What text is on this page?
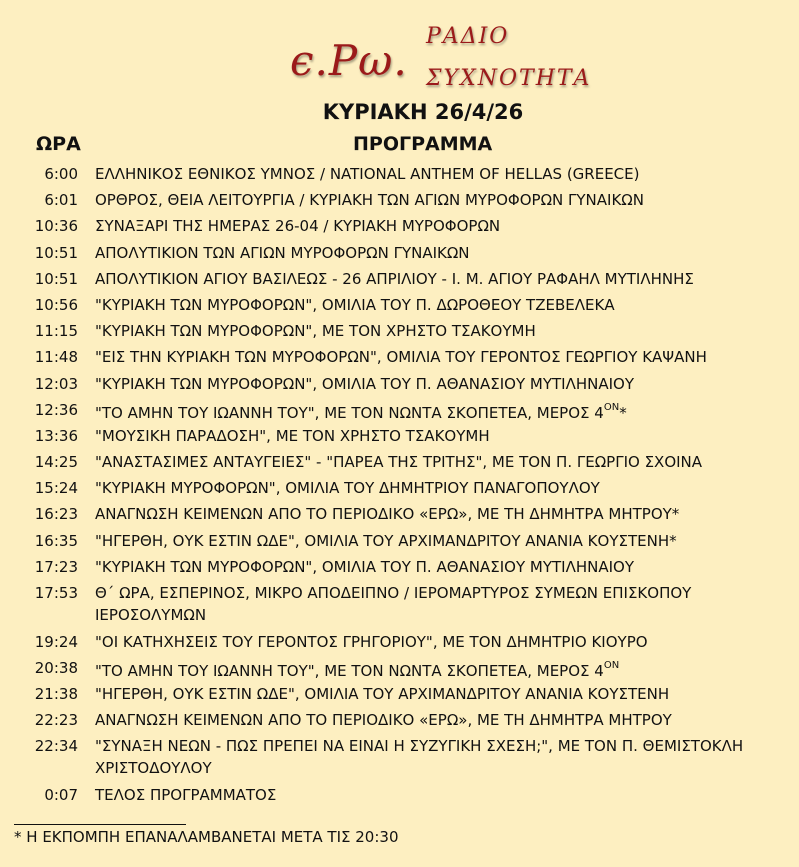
ϵ.Ρω. ΡΑΔΙΟ
ΣΥΧΝΟΤΗΤΑ
ΚΥΡΙΑΚΗ 26/4/26
ΩΡΑ	ΠΡΟΓΡΑΜΜΑ
6:00 ΕΛΛΗΝΙΚΟΣ ΕΘΝΙΚΟΣ ΥΜΝΟΣ / NATIONAL ANTHEM OF HELLAS (GREECE)
6:01 ΟΡΘΡΟΣ, ΘΕΙΑ ΛΕΙΤΟΥΡΓΙΑ / ΚΥΡΙΑΚΗ ΤΩΝ ΑΓΙΩΝ ΜΥΡΟΦΟΡΩΝ ΓΥΝΑΙΚΩΝ
10:36 ΣΥΝΑΞΑΡΙ ΤΗΣ ΗΜΕΡΑΣ 26-04 / ΚΥΡΙΑΚΗ ΜΥΡΟΦΟΡΩΝ
10:51 ΑΠΟΛΥΤΙΚΙΟΝ ΤΩΝ ΑΓΙΩΝ ΜΥΡΟΦΟΡΩΝ ΓΥΝΑΙΚΩΝ
10:51 ΑΠΟΛΥΤΙΚΙΟΝ ΑΓΙΟΥ ΒΑΣΙΛΕΩΣ - 26 ΑΠΡΙΛΙΟΥ - Ι. Μ. ΑΓΙΟΥ ΡΑΦΑΗΛ ΜΥΤΙΛΗΝΗΣ
10:56 "ΚΥΡΙΑΚΗ ΤΩΝ ΜΥΡΟΦΟΡΩΝ", ΟΜΙΛΙΑ ΤΟΥ Π. ΔΩΡΟΘΕΟΥ ΤΖΕΒΕΛΕΚΑ
11:15 "ΚΥΡΙΑΚΗ ΤΩΝ ΜΥΡΟΦΟΡΩΝ", ΜΕ ΤΟΝ ΧΡΗΣΤΟ ΤΣΑΚΟΥΜΗ
11:48 "ΕΙΣ ΤΗΝ ΚΥΡΙΑΚΗ ΤΩΝ ΜΥΡΟΦΟΡΩΝ", ΟΜΙΛΙΑ ΤΟΥ ΓΕΡΟΝΤΟΣ ΓΕΩΡΓΙΟΥ ΚΑΨΑΝΗ
12:03 "ΚΥΡΙΑΚΗ ΤΩΝ ΜΥΡΟΦΟΡΩΝ", ΟΜΙΛΙΑ ΤΟΥ Π. ΑΘΑΝΑΣΙΟΥ ΜΥΤΙΛΗΝΑΙΟΥ
12:36 "ΤΟ ΑΜΗΝ ΤΟΥ ΙΩΑΝΝΗ ΤΟΥ", ΜΕ ΤΟΝ ΝΩΝΤΑ ΣΚΟΠΕΤΕΑ, ΜΕΡΟΣ $4^{ON}*$
13:36 "ΜΟΥΣΙΚΗ ΠΑΡΑΔΟΣΗ", ΜΕ ΤΟΝ ΧΡΗΣΤΟ ΤΣΑΚΟΥΜΗ
14:25 "ΑΝΑΣΤΑΣΙΜΕΣ ΑΝΤΑΥΓΕΙΕΣ" - "ΠΑΡΕΑ ΤΗΣ ΤΡΙΤΗΣ", ΜΕ ΤΟΝ Π. ΓΕΩΡΓΙΟ ΣΧΟΙΝΑ
15:24 "ΚΥΡΙΑΚΗ ΜΥΡΟΦΟΡΩΝ", ΟΜΙΛΙΑ ΤΟΥ ΔΗΜΗΤΡΙΟΥ ΠΑΝΑΓΟΠΟΥΛΟΥ
16:23 ΑΝΑΓΝΩΣΗ ΚΕΙΜΕΝΩΝ ΑΠΟ ΤΟ ΠΕΡΙΟΔΙΚΟ «ΕΡΩ», ΜΕ ΤΗ ΔΗΜΗΤΡΑ ΜΗΤΡΟΥ*
16:35 "ΗΓΕΡΘΗ, ΟΥΚ ΕΣΤΙΝ ΩΔΕ", ΟΜΙΛΙΑ ΤΟΥ ΑΡΧΙΜΑΝΔΡΙΤΟΥ ΑΝΑΝΙΑ ΚΟΥΣΤΕΝΗ*
17:23 "ΚΥΡΙΑΚΗ ΤΩΝ ΜΥΡΟΦΟΡΩΝ", ΟΜΙΛΙΑ ΤΟΥ Π. ΑΘΑΝΑΣΙΟΥ ΜΥΤΙΛΗΝΑΙΟΥ
17:53 Θ΄ ΩΡΑ, ΕΣΠΕΡΙΝΟΣ, ΜΙΚΡΟ ΑΠΟΔΕΙΠΝΟ / ΙΕΡΟΜΑΡΤΥΡΟΣ ΣΥΜΕΩΝ ΕΠΙΣΚΟΠΟΥ
ΙΕΡΟΣΟΛΥΜΩΝ
19:24 "ΟΙ ΚΑΤΗΧΗΣΕΙΣ ΤΟΥ ΓΕΡΟΝΤΟΣ ΓΡΗΓΟΡΙΟΥ", ΜΕ ΤΟΝ ΔΗΜΗΤΡΙΟ ΚΙΟΥΡΟ
20:38 "ΤΟ ΑΜΗΝ ΤΟΥ ΙΩΑΝΝΗ ΤΟΥ", ΜΕ ΤΟΝ ΝΩΝΤΑ ΣΚΟΠΕΤΕΑ, ΜΕΡΟΣ $4^{ON}$
21:38 "ΗΓΕΡΘΗ, ΟΥΚ ΕΣΤΙΝ ΩΔΕ", ΟΜΙΛΙΑ ΤΟΥ ΑΡΧΙΜΑΝΔΡΙΤΟΥ ΑΝΑΝΙΑ ΚΟΥΣΤΕΝΗ
22:23 ΑΝΑΓΝΩΣΗ ΚΕΙΜΕΝΩΝ ΑΠΟ ΤΟ ΠΕΡΙΟΔΙΚΟ «ΕΡΩ», ΜΕ ΤΗ ΔΗΜΗΤΡΑ ΜΗΤΡΟΥ
22:34 "ΣΥΝΑΞΗ ΝΕΩΝ - ΠΩΣ ΠΡΕΠΕΙ ΝΑ ΕΙΝΑΙ Η ΣΥΖΥΓΙΚΗ ΣΧΕΣΗ;", ΜΕ ΤΟΝ Π. ΘΕΜΙΣΤΟΚΛΗ
ΧΡΙΣΤΟΔΟΥΛΟΥ
0:07 ΤΕΛΟΣ ΠΡΟΓΡΑΜΜΑΤΟΣ
* Η ΕΚΠΟΜΠΗ ΕΠΑΝΑΛΑΜΒΑΝΕΤΑΙ ΜΕΤΑ ΤΙΣ 20:30
